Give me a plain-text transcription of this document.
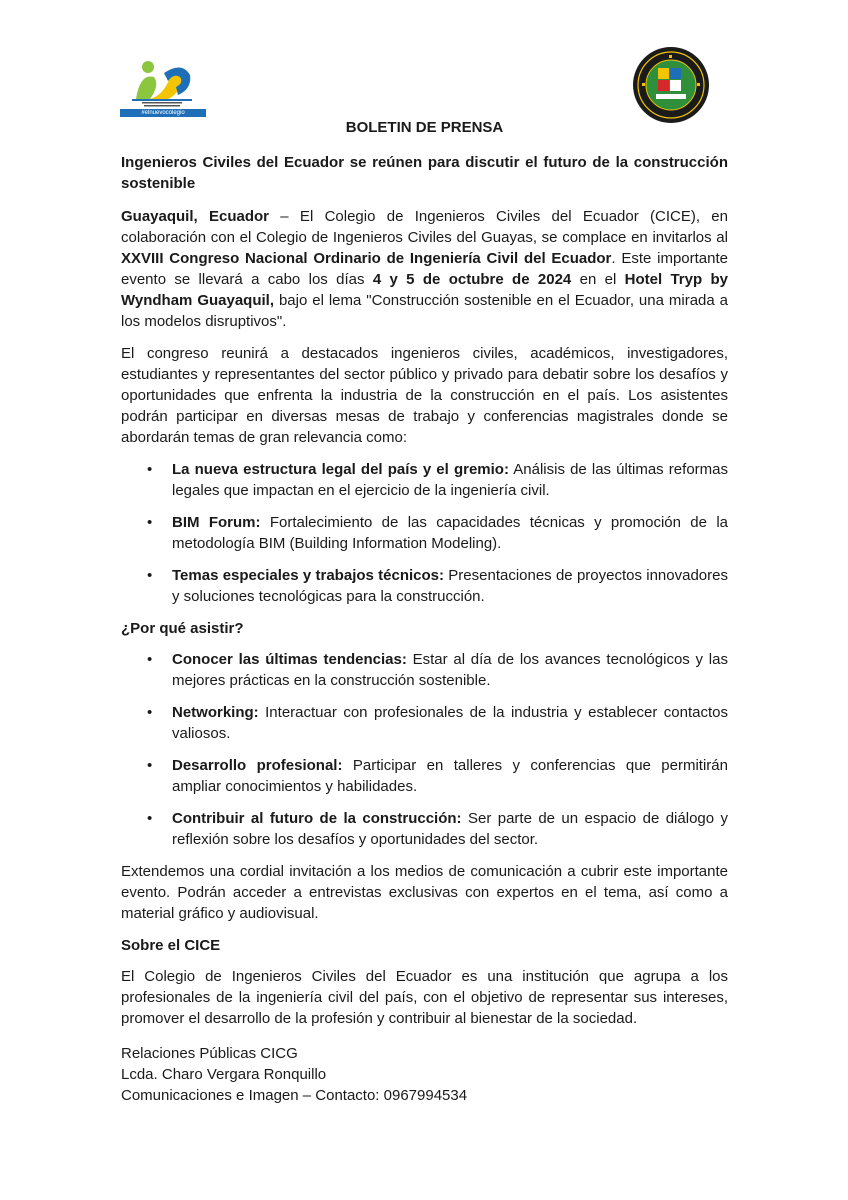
#elnuevocolegio
BOLETIN DE PRENSA

Ingenieros Civiles del Ecuador se reúnen para discutir el futuro de la construcción sostenible

Guayaquil, Ecuador – El Colegio de Ingenieros Civiles del Ecuador (CICE), en colaboración con el Colegio de Ingenieros Civiles del Guayas, se complace en invitarlos al XXVIII Congreso Nacional Ordinario de Ingeniería Civil del Ecuador. Este importante evento se llevará a cabo los días 4 y 5 de octubre de 2024 en el Hotel Tryp by Wyndham Guayaquil, bajo el lema "Construcción sostenible en el Ecuador, una mirada a los modelos disruptivos".

El congreso reunirá a destacados ingenieros civiles, académicos, investigadores, estudiantes y representantes del sector público y privado para debatir sobre los desafíos y oportunidades que enfrenta la industria de la construcción en el país. Los asistentes podrán participar en diversas mesas de trabajo y conferencias magistrales donde se abordarán temas de gran relevancia como:

• La nueva estructura legal del país y el gremio: Análisis de las últimas reformas legales que impactan en el ejercicio de la ingeniería civil.
• BIM Forum: Fortalecimiento de las capacidades técnicas y promoción de la metodología BIM (Building Information Modeling).
• Temas especiales y trabajos técnicos: Presentaciones de proyectos innovadores y soluciones tecnológicas para la construcción.
¿Por qué asistir?
• Conocer las últimas tendencias: Estar al día de los avances tecnológicos y las mejores prácticas en la construcción sostenible.
• Networking: Interactuar con profesionales de la industria y establecer contactos valiosos.
• Desarrollo profesional: Participar en talleres y conferencias que permitirán ampliar conocimientos y habilidades.
• Contribuir al futuro de la construcción: Ser parte de un espacio de diálogo y reflexión sobre los desafíos y oportunidades del sector.

Extendemos una cordial invitación a los medios de comunicación a cubrir este importante evento. Podrán acceder a entrevistas exclusivas con expertos en el tema, así como a material gráfico y audiovisual.

Sobre el CICE

El Colegio de Ingenieros Civiles del Ecuador es una institución que agrupa a los profesionales de la ingeniería civil del país, con el objetivo de representar sus intereses, promover el desarrollo de la profesión y contribuir al bienestar de la sociedad.

Relaciones Públicas CICG

Lcda. Charo Vergara Ronquillo

Comunicaciones e Imagen – Contacto: 0967994534
